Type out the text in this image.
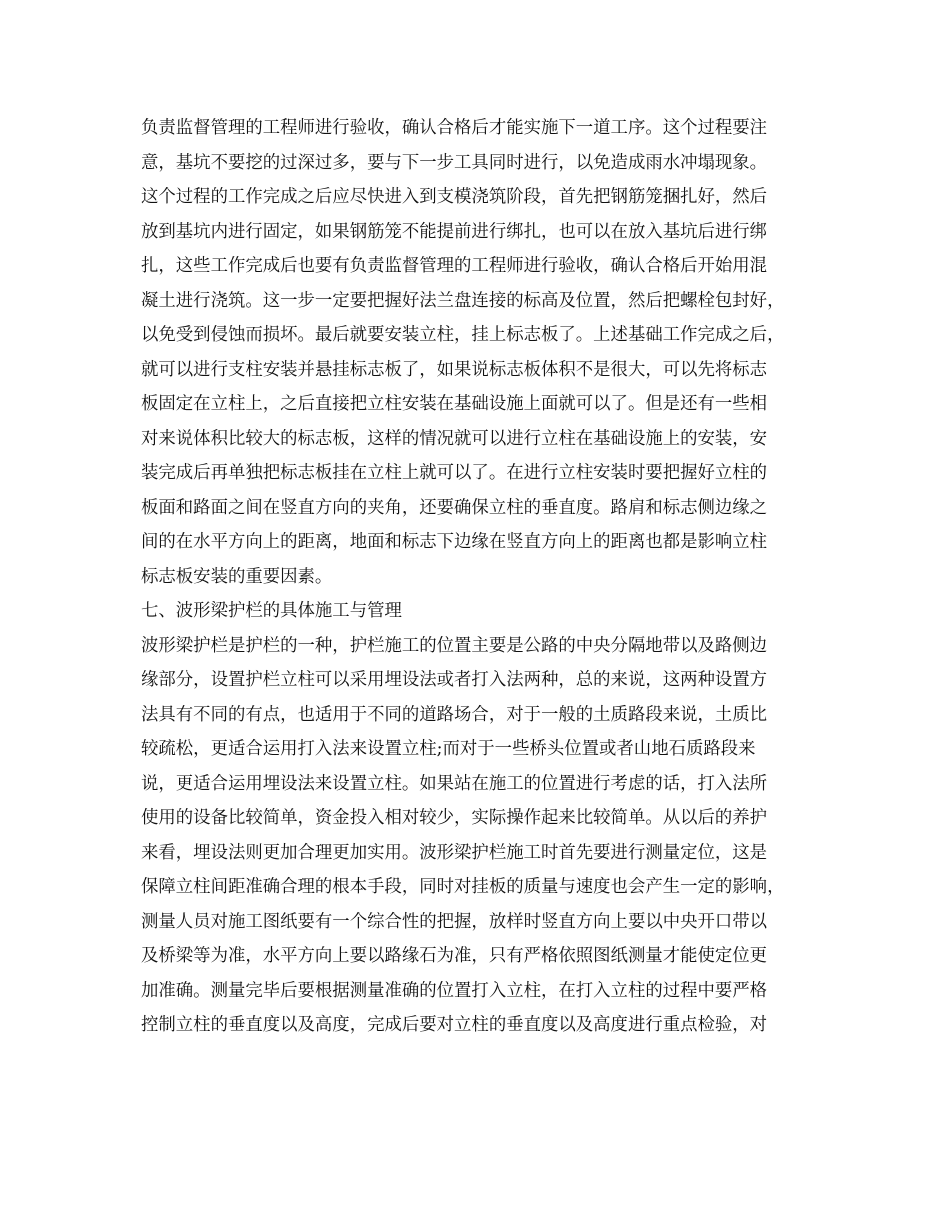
负责监督管理的工程师进行验收，确认合格后才能实施下一道工序。这个过程要注
意，基坑不要挖的过深过多，要与下一步工具同时进行，以免造成雨水冲塌现象。
这个过程的工作完成之后应尽快进入到支模浇筑阶段，首先把钢筋笼捆扎好，然后
放到基坑内进行固定，如果钢筋笼不能提前进行绑扎，也可以在放入基坑后进行绑
扎，这些工作完成后也要有负责监督管理的工程师进行验收，确认合格后开始用混
凝土进行浇筑。这一步一定要把握好法兰盘连接的标高及位置，然后把螺栓包封好，
以免受到侵蚀而损坏。最后就要安装立柱，挂上标志板了。上述基础工作完成之后，
就可以进行支柱安装并悬挂标志板了，如果说标志板体积不是很大，可以先将标志
板固定在立柱上，之后直接把立柱安装在基础设施上面就可以了。但是还有一些相
对来说体积比较大的标志板，这样的情况就可以进行立柱在基础设施上的安装，安
装完成后再单独把标志板挂在立柱上就可以了。在进行立柱安装时要把握好立柱的
板面和路面之间在竖直方向的夹角，还要确保立柱的垂直度。路肩和标志侧边缘之
间的在水平方向上的距离，地面和标志下边缘在竖直方向上的距离也都是影响立柱
标志板安装的重要因素。
七、波形梁护栏的具体施工与管理
波形梁护栏是护栏的一种，护栏施工的位置主要是公路的中央分隔地带以及路侧边
缘部分，设置护栏立柱可以采用埋设法或者打入法两种，总的来说，这两种设置方
法具有不同的有点，也适用于不同的道路场合，对于一般的土质路段来说，土质比
较疏松，更适合运用打入法来设置立柱;而对于一些桥头位置或者山地石质路段来
说，更适合运用埋设法来设置立柱。如果站在施工的位置进行考虑的话，打入法所
使用的设备比较简单，资金投入相对较少，实际操作起来比较简单。从以后的养护
来看，埋设法则更加合理更加实用。波形梁护栏施工时首先要进行测量定位，这是
保障立柱间距准确合理的根本手段，同时对挂板的质量与速度也会产生一定的影响，
测量人员对施工图纸要有一个综合性的把握，放样时竖直方向上要以中央开口带以
及桥梁等为准，水平方向上要以路缘石为准，只有严格依照图纸测量才能使定位更
加准确。测量完毕后要根据测量准确的位置打入立柱，在打入立柱的过程中要严格
控制立柱的垂直度以及高度，完成后要对立柱的垂直度以及高度进行重点检验，对
